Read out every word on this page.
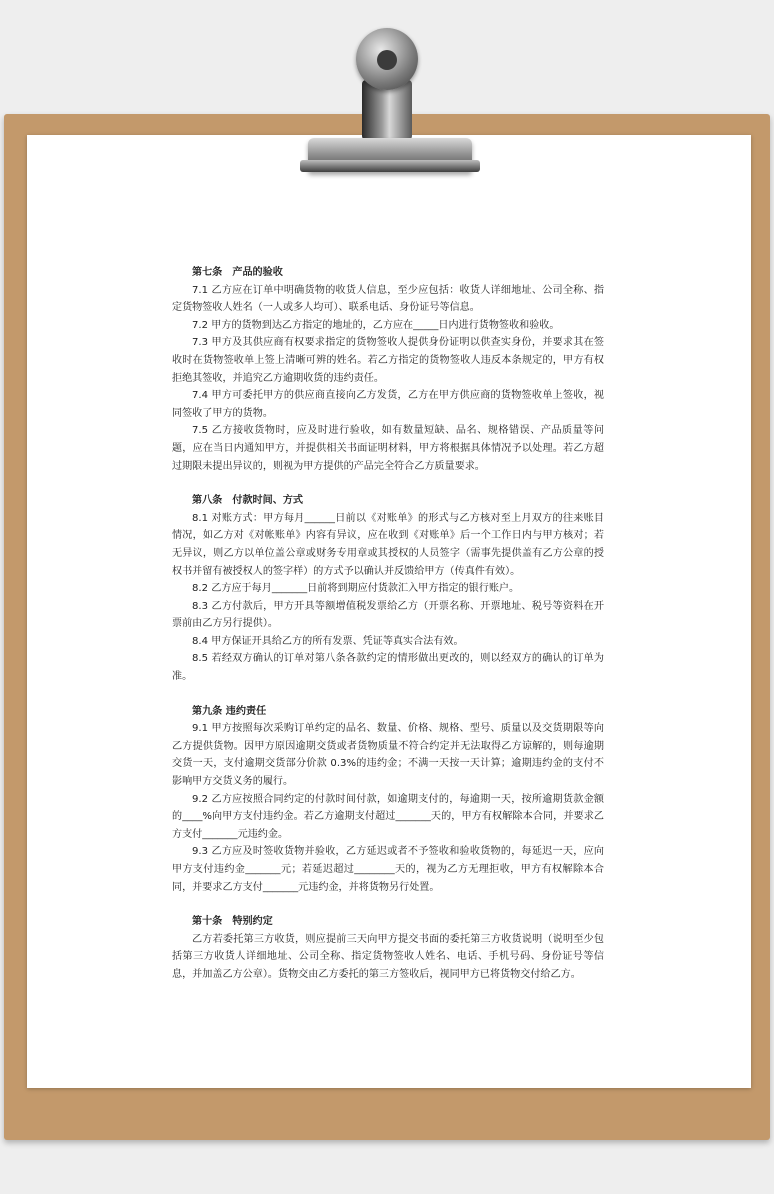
第七条　产品的验收

7.1 乙方应在订单中明确货物的收货人信息，至少应包括：收货人详细地址、公司全称、指定货物签收人姓名（一人或多人均可）、联系电话、身份证号等信息。

7.2 甲方的货物到达乙方指定的地址的，乙方应在_____日内进行货物签收和验收。

7.3 甲方及其供应商有权要求指定的货物签收人提供身份证明以供查实身份，并要求其在签收时在货物签收单上签上清晰可辨的姓名。若乙方指定的货物签收人违反本条规定的，甲方有权拒绝其签收，并追究乙方逾期收货的违约责任。

7.4 甲方可委托甲方的供应商直接向乙方发货，乙方在甲方供应商的货物签收单上签收，视同签收了甲方的货物。

7.5 乙方接收货物时，应及时进行验收，如有数量短缺、品名、规格错误、产品质量等问题，应在当日内通知甲方，并提供相关书面证明材料，甲方将根据具体情况予以处理。若乙方超过期限未提出异议的，则视为甲方提供的产品完全符合乙方质量要求。

第八条　付款时间、方式

8.1 对账方式：甲方每月______日前以《对账单》的形式与乙方核对至上月双方的往来账目情况，如乙方对《对帐账单》内容有异议，应在收到《对账单》后一个工作日内与甲方核对；若无异议，则乙方以单位盖公章或财务专用章或其授权的人员签字（需事先提供盖有乙方公章的授权书并留有被授权人的签字样）的方式予以确认并反馈给甲方（传真件有效）。

8.2 乙方应于每月_______日前将到期应付货款汇入甲方指定的银行账户。

8.3 乙方付款后，甲方开具等额增值税发票给乙方（开票名称、开票地址、税号等资料在开票前由乙方另行提供）。

8.4 甲方保证开具给乙方的所有发票、凭证等真实合法有效。

8.5 若经双方确认的订单对第八条各款约定的情形做出更改的，则以经双方的确认的订单为准。

第九条 违约责任

9.1 甲方按照每次采购订单约定的品名、数量、价格、规格、型号、质量以及交货期限等向乙方提供货物。因甲方原因逾期交货或者货物质量不符合约定并无法取得乙方谅解的，则每逾期交货一天，支付逾期交货部分价款 0.3%的违约金；不满一天按一天计算；逾期违约金的支付不影响甲方交货义务的履行。

9.2 乙方应按照合同约定的付款时间付款，如逾期支付的，每逾期一天，按所逾期货款金额的____%向甲方支付违约金。若乙方逾期支付超过_______天的，甲方有权解除本合同，并要求乙方支付_______元违约金。

9.3 乙方应及时签收货物并验收，乙方延迟或者不予签收和验收货物的，每延迟一天，应向甲方支付违约金_______元；若延迟超过________天的，视为乙方无理拒收，甲方有权解除本合同，并要求乙方支付_______元违约金，并将货物另行处置。

第十条　特别约定

乙方若委托第三方收货，则应提前三天向甲方提交书面的委托第三方收货说明（说明至少包括第三方收货人详细地址、公司全称、指定货物签收人姓名、电话、手机号码、身份证号等信息，并加盖乙方公章）。货物交由乙方委托的第三方签收后，视同甲方已将货物交付给乙方。
